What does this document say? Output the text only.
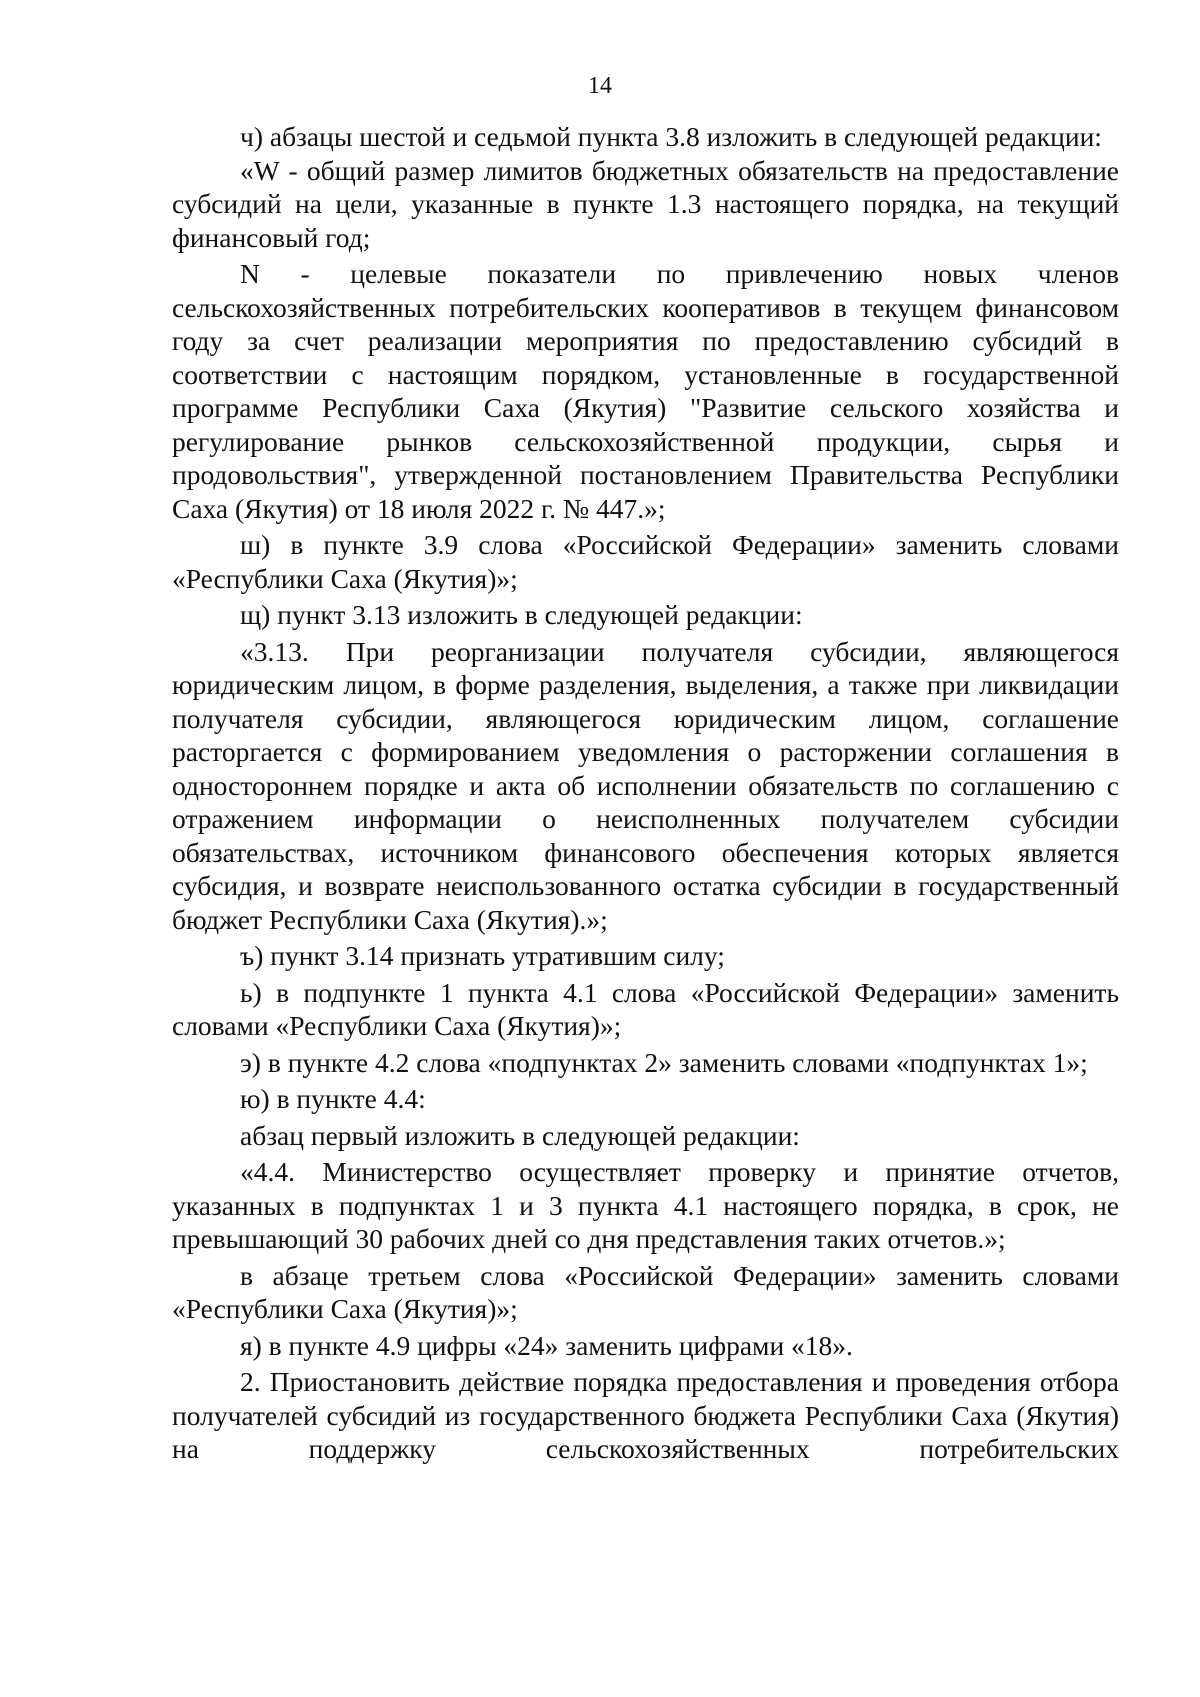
14

ч) абзацы шестой и седьмой пункта 3.8 изложить в следующей редакции:

«W - общий размер лимитов бюджетных обязательств на предоставление субсидий на цели, указанные в пункте 1.3 настоящего порядка, на текущий финансовый год;

N - целевые показатели по привлечению новых членов сельскохозяйственных потребительских кооперативов в текущем финансовом году за счет реализации мероприятия по предоставлению субсидий в соответствии с настоящим порядком, установленные в государственной программе Республики Саха (Якутия) "Развитие сельского хозяйства и регулирование рынков сельскохозяйственной продукции, сырья и продовольствия", утвержденной постановлением Правительства Республики Саха (Якутия) от 18 июля 2022 г. № 447.»;

ш) в пункте 3.9 слова «Российской Федерации» заменить словами «Республики Саха (Якутия)»;

щ) пункт 3.13 изложить в следующей редакции:

«3.13. При реорганизации получателя субсидии, являющегося юридическим лицом, в форме разделения, выделения, а также при ликвидации получателя субсидии, являющегося юридическим лицом, соглашение расторгается с формированием уведомления о расторжении соглашения в одностороннем порядке и акта об исполнении обязательств по соглашению с отражением информации о неисполненных получателем субсидии обязательствах, источником финансового обеспечения которых является субсидия, и возврате неиспользованного остатка субсидии в государственный бюджет Республики Саха (Якутия).»;

ъ) пункт 3.14 признать утратившим силу;

ь) в подпункте 1 пункта 4.1 слова «Российской Федерации» заменить словами «Республики Саха (Якутия)»;

э) в пункте 4.2 слова «подпунктах 2» заменить словами «подпунктах 1»;

ю) в пункте 4.4:

абзац первый изложить в следующей редакции:

«4.4. Министерство осуществляет проверку и принятие отчетов, указанных в подпунктах 1 и 3 пункта 4.1 настоящего порядка, в срок, не превышающий 30 рабочих дней со дня представления таких отчетов.»;

в абзаце третьем слова «Российской Федерации» заменить словами «Республики Саха (Якутия)»;

я) в пункте 4.9 цифры «24» заменить цифрами «18».

2. Приостановить действие порядка предоставления и проведения отбора получателей субсидий из государственного бюджета Республики Саха (Якутия) на поддержку сельскохозяйственных потребительских
